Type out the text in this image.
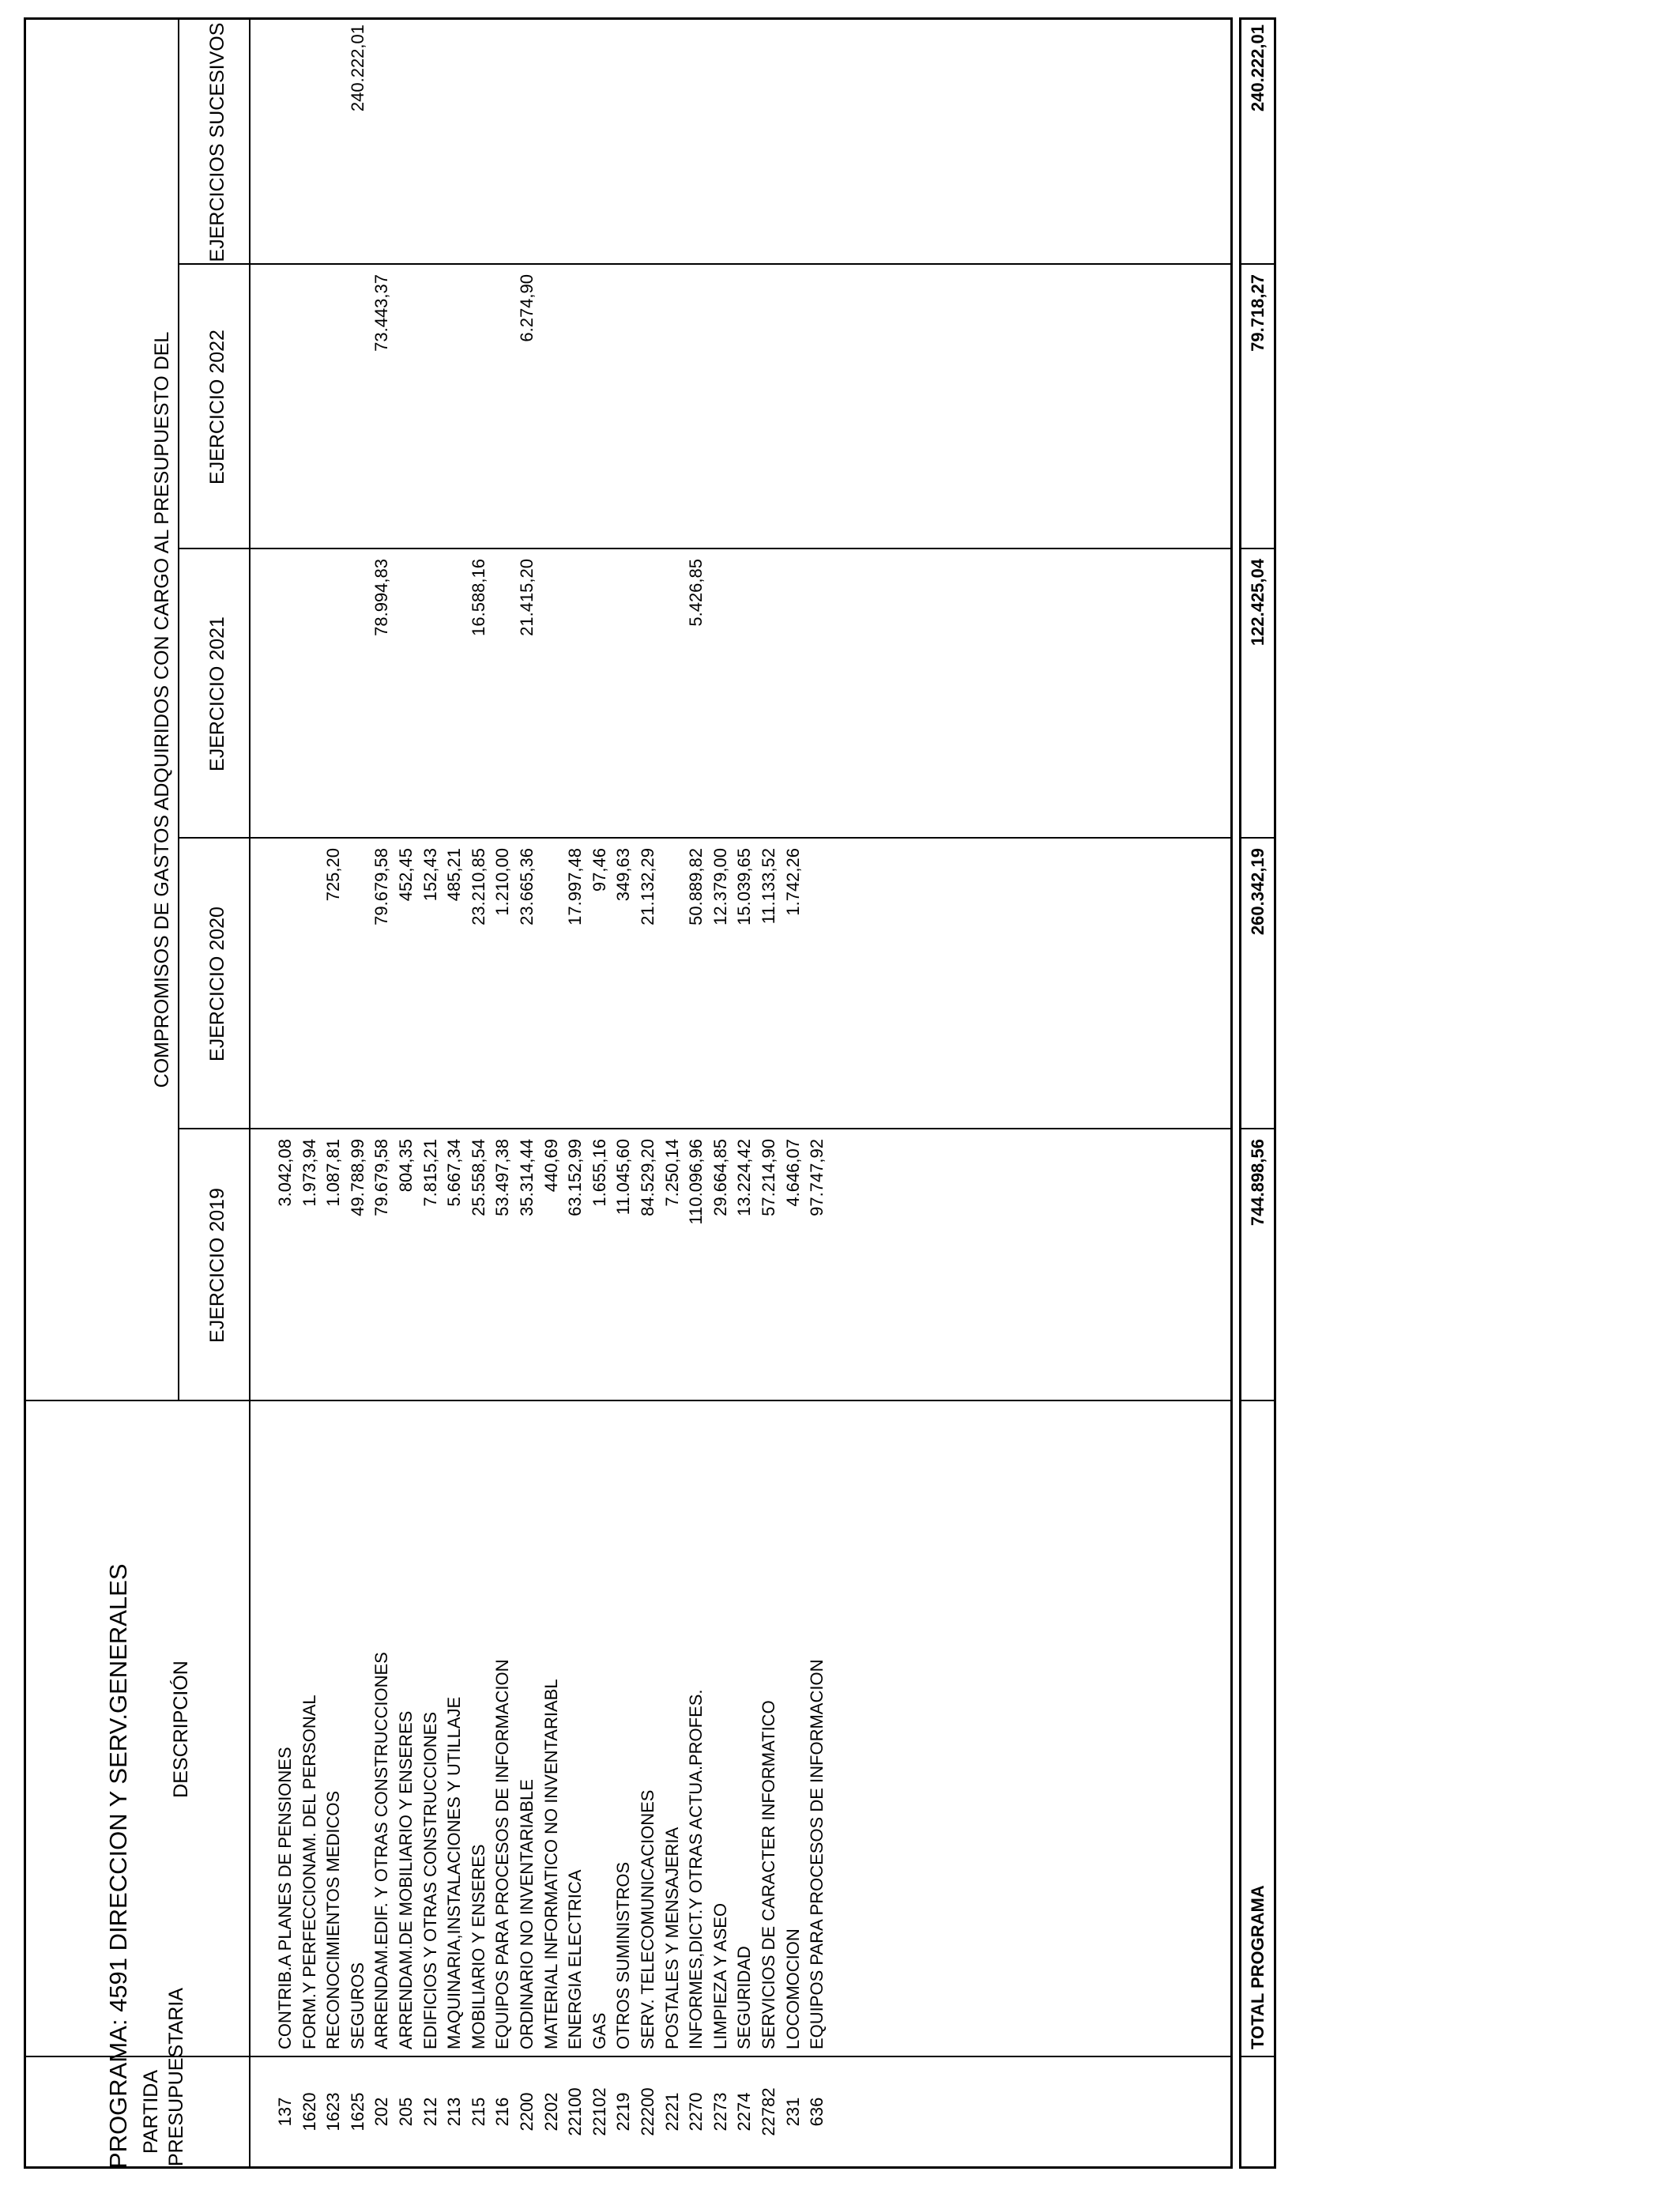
PARTIDA PRESUPUESTARIA
DESCRIPCIÓN
COMPROMISOS DE GASTOS ADQUIRIDOS CON CARGO AL PRESUPUESTO DEL
EJERCICIO 2019
EJERCICIO 2020
EJERCICIO 2021
EJERCICIO 2022
EJERCICIOS SUCESIVOS
137
CONTRIB.A PLANES DE PENSIONES
3.042,08
1620
FORM.Y PERFECCIONAM. DEL PERSONAL
1.973,94
1623
RECONOCIMIENTOS MEDICOS
1.087,81
725,20
1625
SEGUROS
49.788,99
240.222,01
202
ARRENDAM.EDIF. Y OTRAS CONSTRUCCIONES
79.679,58
79.679,58
78.994,83
73.443,37
205
ARRENDAM.DE MOBILIARIO Y ENSERES
804,35
452,45
212
EDIFICIOS Y OTRAS CONSTRUCCIONES
7.815,21
152,43
213
MAQUINARIA,INSTALACIONES Y UTILLAJE
5.667,34
485,21
215
MOBILIARIO Y ENSERES
25.558,54
23.210,85
16.588,16
216
EQUIPOS PARA PROCESOS DE INFORMACION
53.497,38
1.210,00
2200
ORDINARIO NO INVENTARIABLE
35.314,44
23.665,36
21.415,20
6.274,90
2202
MATERIAL INFORMATICO NO INVENTARIABL
440,69
22100
ENERGIA ELECTRICA
63.152,99
17.997,48
22102
GAS
1.655,16
97,46
2219
OTROS SUMINISTROS
11.045,60
349,63
22200
SERV. TELECOMUNICACIONES
84.529,20
21.132,29
2221
POSTALES Y MENSAJERIA
7.250,14
2270
INFORMES,DICT.Y OTRAS ACTUA.PROFES.
110.096,96
50.889,82
5.426,85
2273
LIMPIEZA Y ASEO
29.664,85
12.379,00
2274
SEGURIDAD
13.224,42
15.039,65
22782
SERVICIOS DE CARACTER INFORMATICO
57.214,90
11.133,52
231
LOCOMOCION
4.646,07
1.742,26
636
EQUIPOS PARA PROCESOS DE INFORMACION
97.747,92
TOTAL PROGRAMA
744.898,56
260.342,19
122.425,04
79.718,27
240.222,01
PROGRAMA: 4591 DIRECCION Y SERV.GENERALES
